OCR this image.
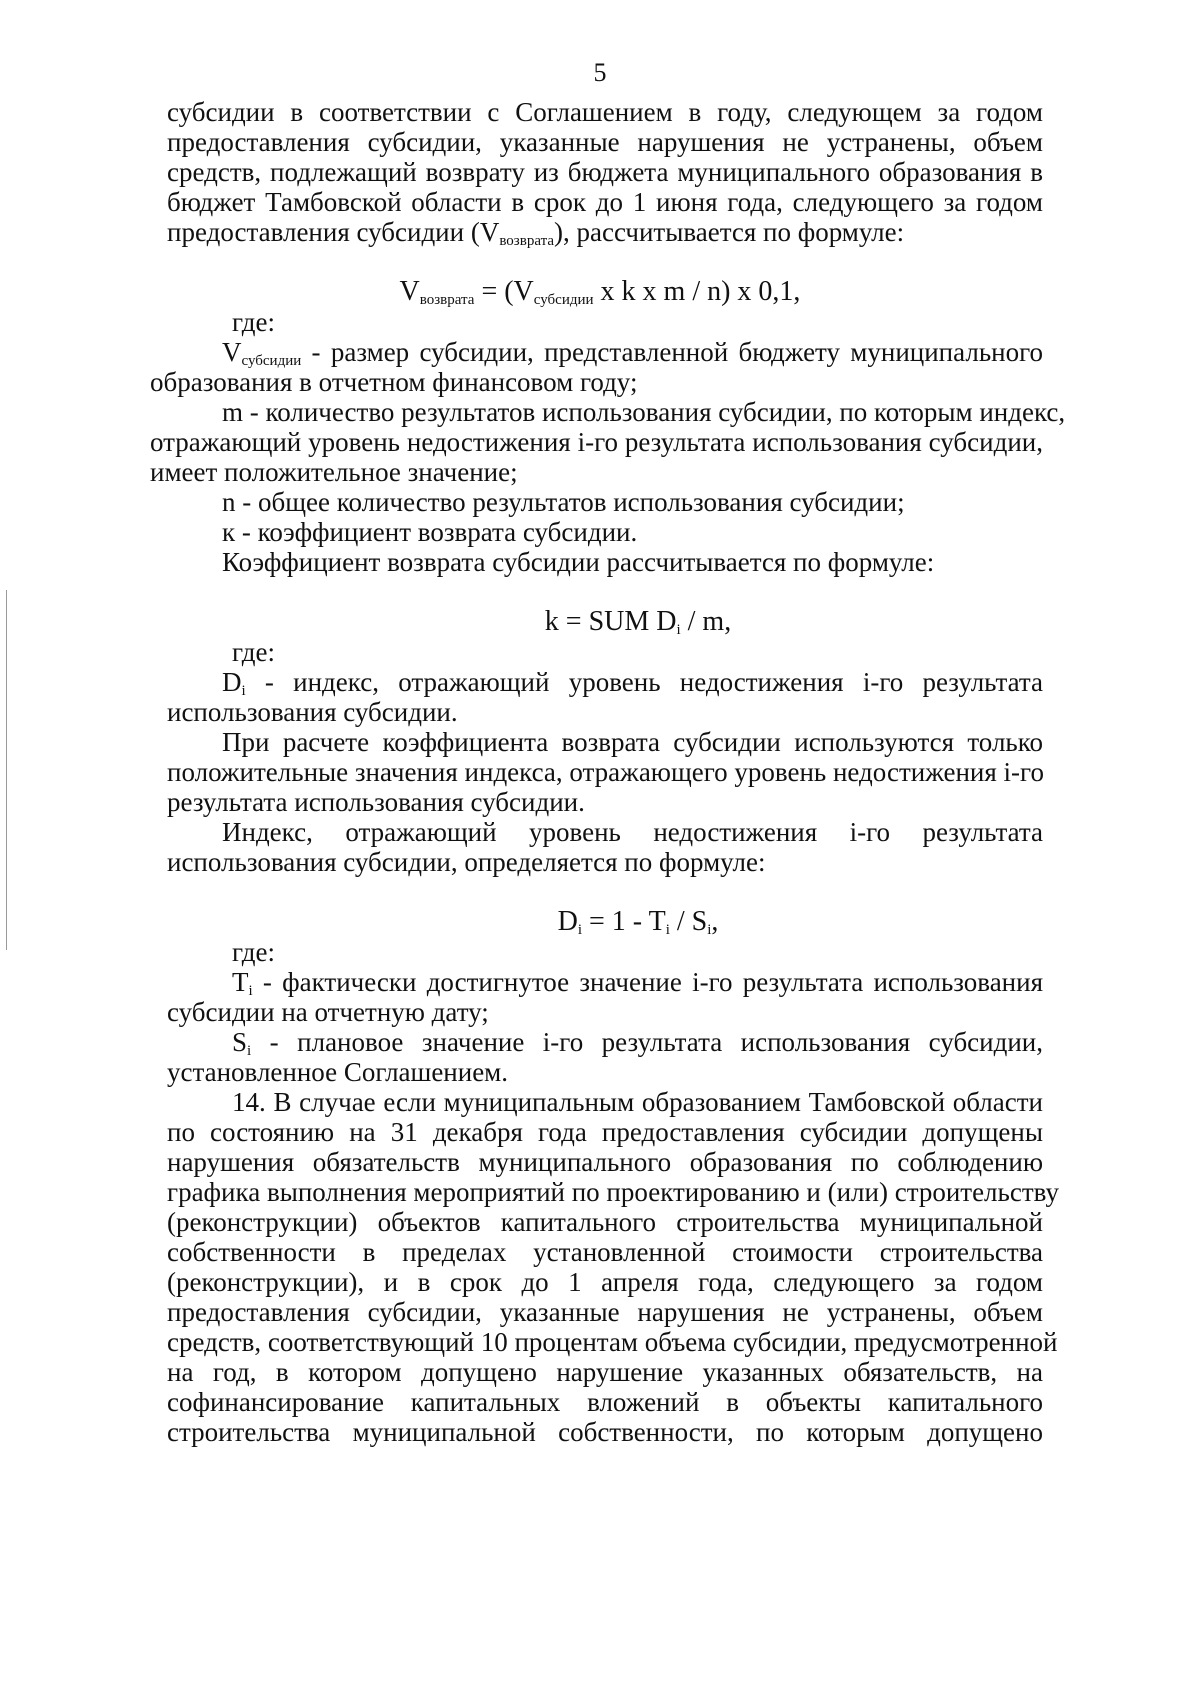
5
субсидии в соответствии с Соглашением в году, следующем за годом
предоставления субсидии, указанные нарушения не устранены, объем
средств, подлежащий возврату из бюджета муниципального образования в
бюджет Тамбовской области в срок до 1 июня года, следующего за годом
предоставления субсидии $(V_{возврата})$, рассчитывается по формуле:
$V_{возврата} = (V_{субсидии}$ x k x m / n) x 0,1,
где:
$V_{субсидии}$ - размер субсидии, представленной бюджету муниципального
образования в отчетном финансовом году;
m - количество результатов использования субсидии, по которым индекс,
отражающий уровень недостижения i-го результата использования субсидии,
имеет положительное значение;
n - общее количество результатов использования субсидии;
к - коэффициент возврата субсидии.
Коэффициент возврата субсидии рассчитывается по формуле:
k = SUM $D_i$ / m,
где:
$D_i$ - индекс, отражающий уровень недостижения i-го результата
использования субсидии.
При расчете коэффициента возврата субсидии используются только
положительные значения индекса, отражающего уровень недостижения i-го
результата использования субсидии.
Индекс, отражающий уровень недостижения i-го результата
использования субсидии, определяется по формуле:
$D_i = 1 - T_i / S_i$,
где:
$T_i$ - фактически достигнутое значение i-го результата использования
субсидии на отчетную дату;
$S_i$ - плановое значение i-го результата использования субсидии,
установленное Соглашением.
14. В случае если муниципальным образованием Тамбовской области
по состоянию на 31 декабря года предоставления субсидии допущены
нарушения обязательств муниципального образования по соблюдению
графика выполнения мероприятий по проектированию и (или) строительству
(реконструкции) объектов капитального строительства муниципальной
собственности в пределах установленной стоимости строительства
(реконструкции), и в срок до 1 апреля года, следующего за годом
предоставления субсидии, указанные нарушения не устранены, объем
средств, соответствующий 10 процентам объема субсидии, предусмотренной
на год, в котором допущено нарушение указанных обязательств, на
софинансирование капитальных вложений в объекты капитального
строительства муниципальной собственности, по которым допущено
